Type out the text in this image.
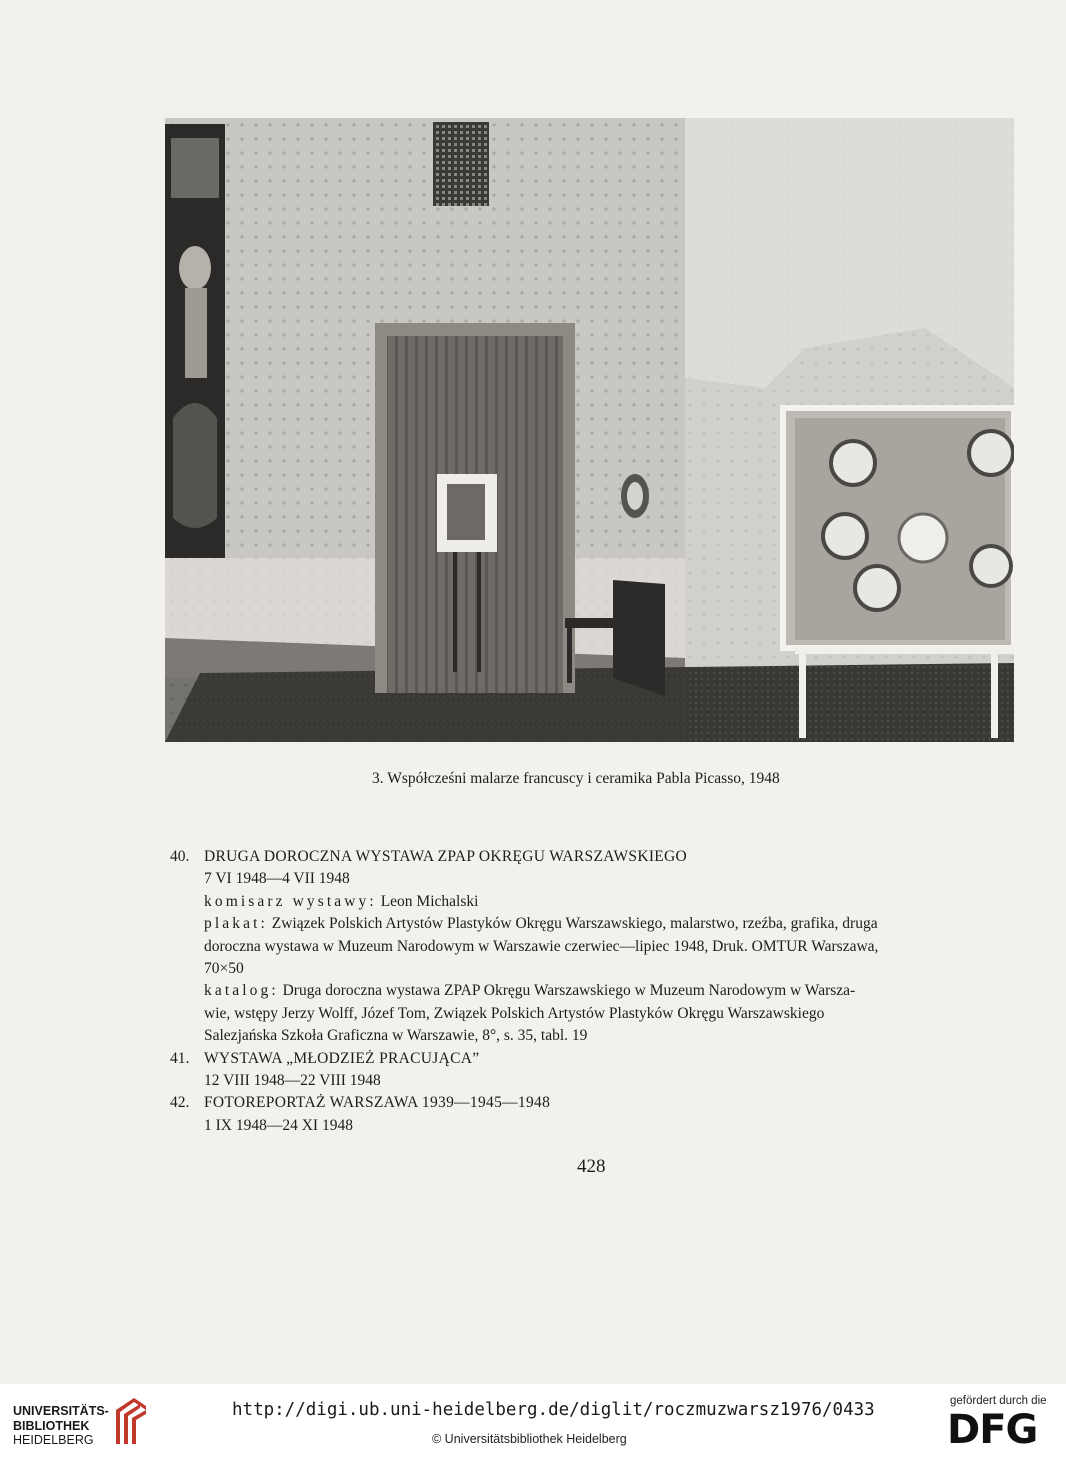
3. Współcześni malarze francuscy i ceramika Pabla Picasso, 1948
40. DRUGA DOROCZNA WYSTAWA ZPAP OKRĘGU WARSZAWSKIEGO
7 VI 1948—4 VII 1948
komisarz wystawy: Leon Michalski
plakat: Związek Polskich Artystów Plastyków Okręgu Warszawskiego, malarstwo, rzeźba, grafika, druga
doroczna wystawa w Muzeum Narodowym w Warszawie czerwiec—lipiec 1948, Druk. OMTUR Warszawa,
70×50
katalog: Druga doroczna wystawa ZPAP Okręgu Warszawskiego w Muzeum Narodowym w Warsza-
wie, wstępy Jerzy Wolff, Józef Tom, Związek Polskich Artystów Plastyków Okręgu Warszawskiego
Salezjańska Szkoła Graficzna w Warszawie, 8°, s. 35, tabl. 19
41. WYSTAWA „MŁODZIEŻ PRACUJĄCA”
12 VIII 1948—22 VIII 1948
42. FOTOREPORTAŻ WARSZAWA 1939—1945—1948
1 IX 1948—24 XI 1948
428
UNIVERSITÄTS-
BIBLIOTHEK
HEIDELBERG
http://digi.ub.uni-heidelberg.de/diglit/roczmuzwarsz1976/0433
© Universitätsbibliothek Heidelberg
gefördert durch die
DFG
